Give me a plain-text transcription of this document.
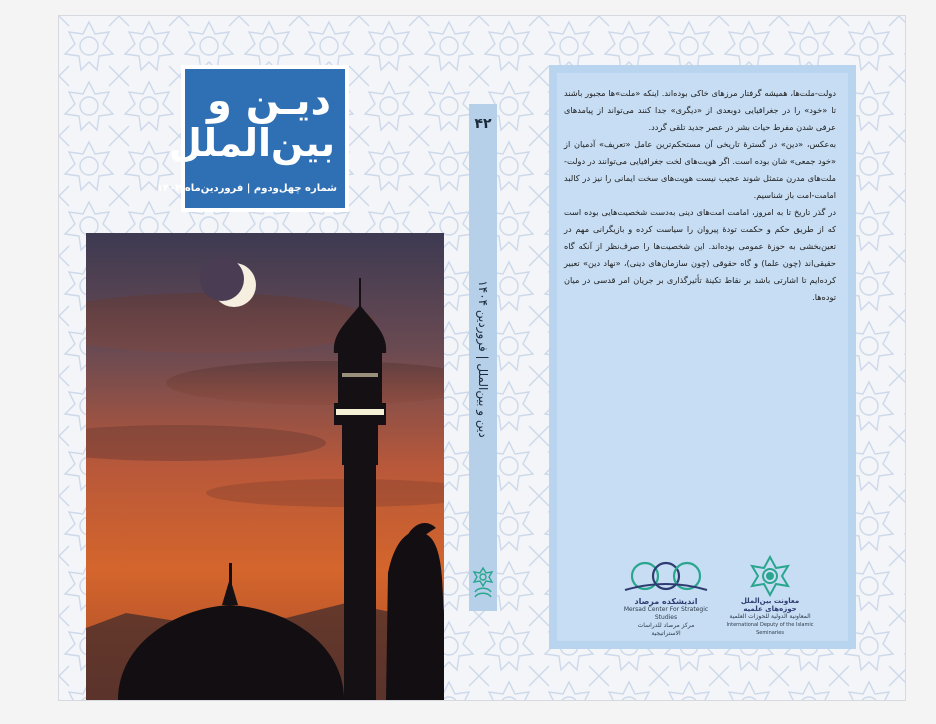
دیـن و
بین‌الملل
شماره چهل‌ودوم | فروردین‌ماه ۱۴۰۴
۴۲
دین و بین‌الملل | فروردین ۱۴۰۴

دولت-ملت‌ها، همیشه گرفتار مرزهای خاکی بوده‌اند. اینکه «ملت»ها مجبور باشند تا «خود» را در جغرافیایی دوبعدی از «دیگری» جدا کنند می‌تواند از پیامدهای عرفی شدن مفرط حیات بشر در عصر جدید تلقی گردد.

به‌عکس، «دین» در گسترهٔ تاریخی آن مستحکم‌ترین عامل «تعریف» آدمیان از «خود جمعی» شان بوده است. اگر هویت‌های لخت جغرافیایی می‌توانند در دولت-ملت‌های مدرن متمثل شوند عجیب نیست هویت‌های سخت ایمانی را نیز در کالبد امامت-امت باز شناسیم.

در گذر تاریخ تا به امروز، امامت امت‌های دینی به‌دست شخصیت‌هایی بوده است که از طریق حکم و حکمت تودهٔ پیروان را سیاست کرده و بازیگرانی مهم در تعین‌بخشی به حوزهٔ عمومی بوده‌اند. این شخصیت‌ها را صرف‌نظر از آنکه گاه حقیقی‌اند (چون علما) و گاه حقوقی (چون سازمان‌های دینی)، «نهاد دین» تعبیر کرده‌ایم تا اشارتی باشد بر نقاط تکینهٔ تأثیرگذاری بر جریان امر قدسی در میان توده‌ها.

اندیشکده مرصاد
Mersad Center For Strategic Studies
مركز مرصاد للدراسات الاستراتيجية
معاونت بین‌الملل حوزه‌های علمیه
المعاونية الدولية للحوزات العلمية
International Deputy of the Islamic Seminaries
